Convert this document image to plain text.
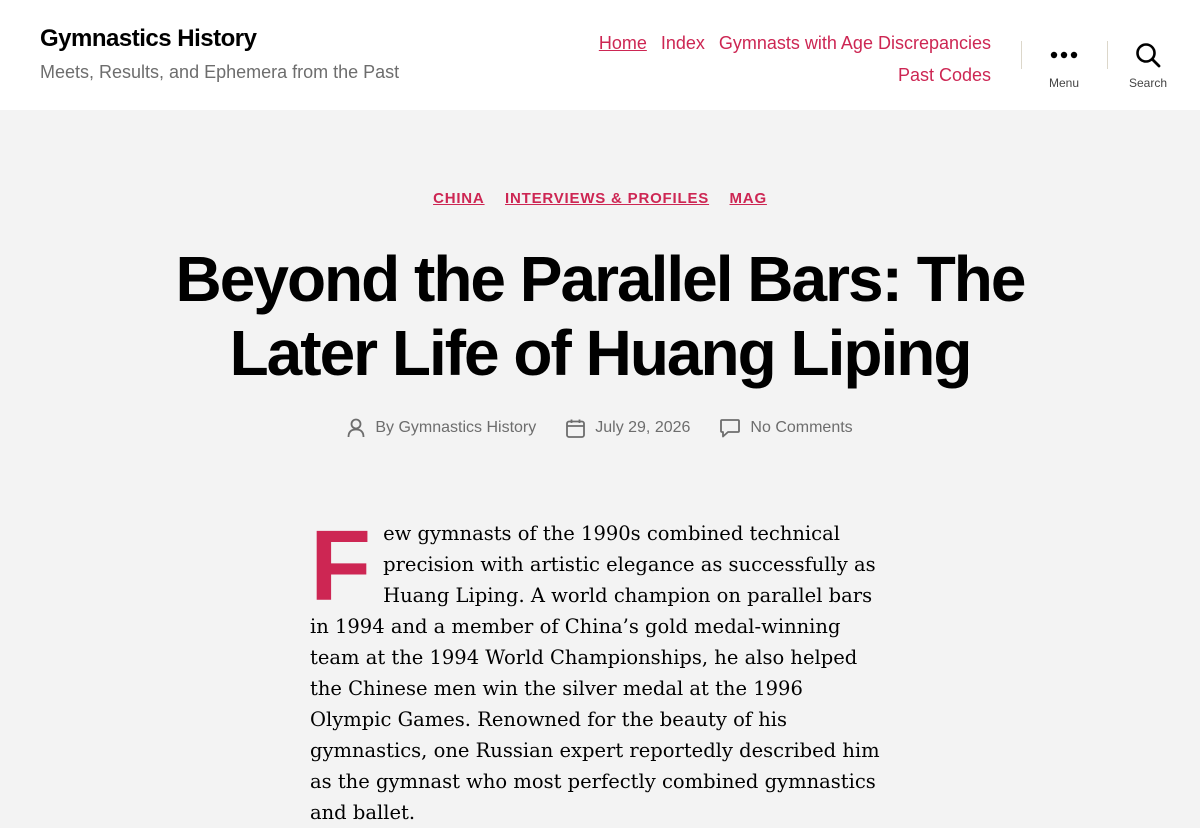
Gymnastics History
Meets, Results, and Ephemera from the Past
Home Index Gymnasts with Age Discrepancies
Past Codes	Menu	Search
CHINA INTERVIEWS & PROFILES MAG
Beyond the Parallel Bars: The Later Life of Huang Liping
By Gymnastics History	July 29, 2026	No Comments

Few gymnasts of the 1990s combined technical precision with artistic elegance as successfully as Huang Liping. A world champion on parallel bars in 1994 and a member of China’s gold medal-winning team at the 1994 World Championships, he also helped the Chinese men win the silver medal at the 1996 Olympic Games. Renowned for the beauty of his gymnastics, one Russian expert reportedly described him as the gymnast who most perfectly combined gymnastics and ballet.
